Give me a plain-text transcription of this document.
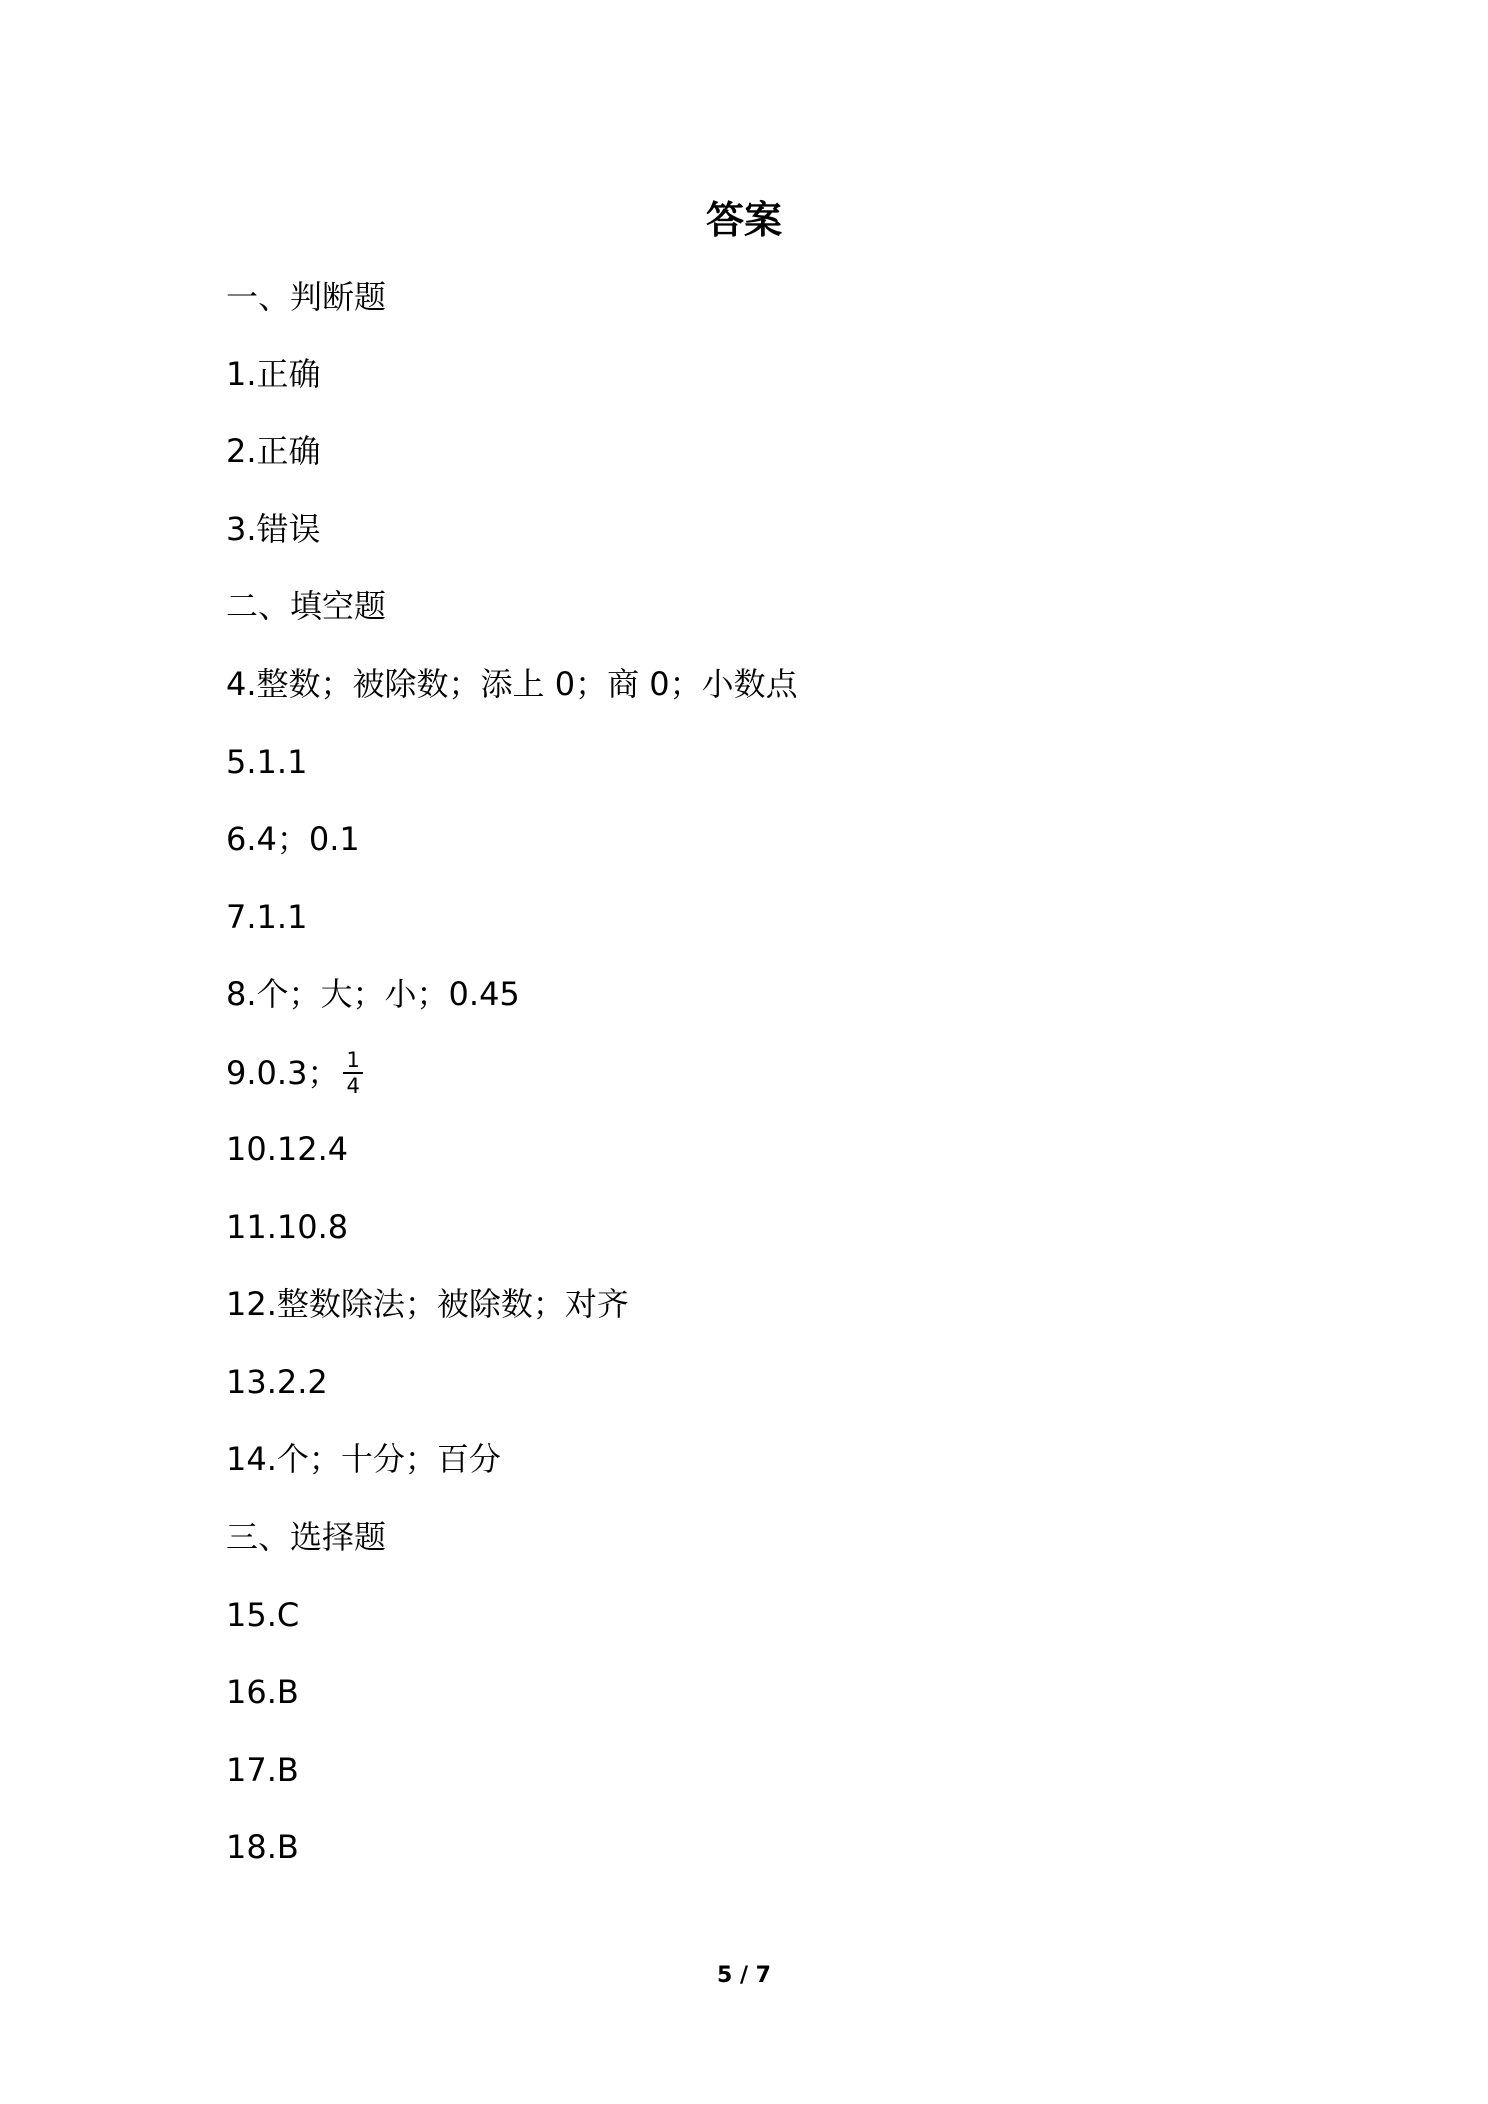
答案
一、判断题
1.正确
2.正确
3.错误
二、填空题
4.整数；被除数；添上 0；商 0；小数点
5.1.1
6.4；0.1
7.1.1
8.个；大；小；0.45
9.0.3； $\frac{1}{4}$
10.12.4
11.10.8
12.整数除法；被除数；对齐
13.2.2
14.个；十分；百分
三、选择题
15.C
16.B
17.B
18.B
5 / 7
